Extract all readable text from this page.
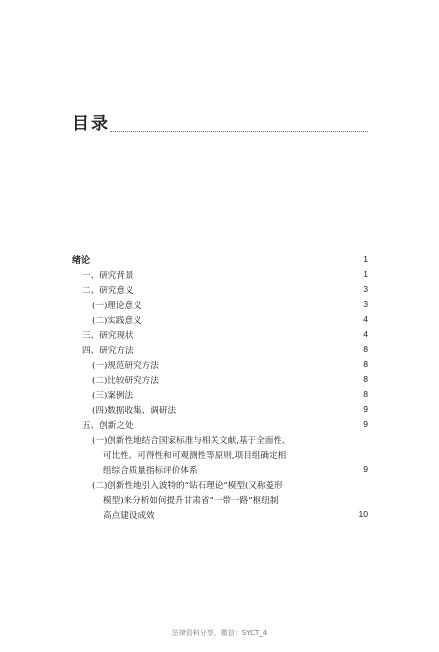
目录
绪论	1
一、研究背景	1
二、研究意义	3
(一)理论意义	3
(二)实践意义	4
三、研究现状	4
四、研究方法	8
(一)规范研究方法	8
(二)比较研究方法	8
(三)案例法	8
(四)数据收集、调研法	9
五、创新之处	9
(一)创新性地结合国家标准与相关文献,基于全面性、
可比性、可得性和可观测性等原则,项目组确定相
组综合质量指标评价体系	9
(二)创新性地引入波特的“钻石理论”模型(又称菱形
模型)来分析如何提升甘肃省“一带一路”枢纽制
高点建设成效	10
法律资料分享，微信：SYCT_4
